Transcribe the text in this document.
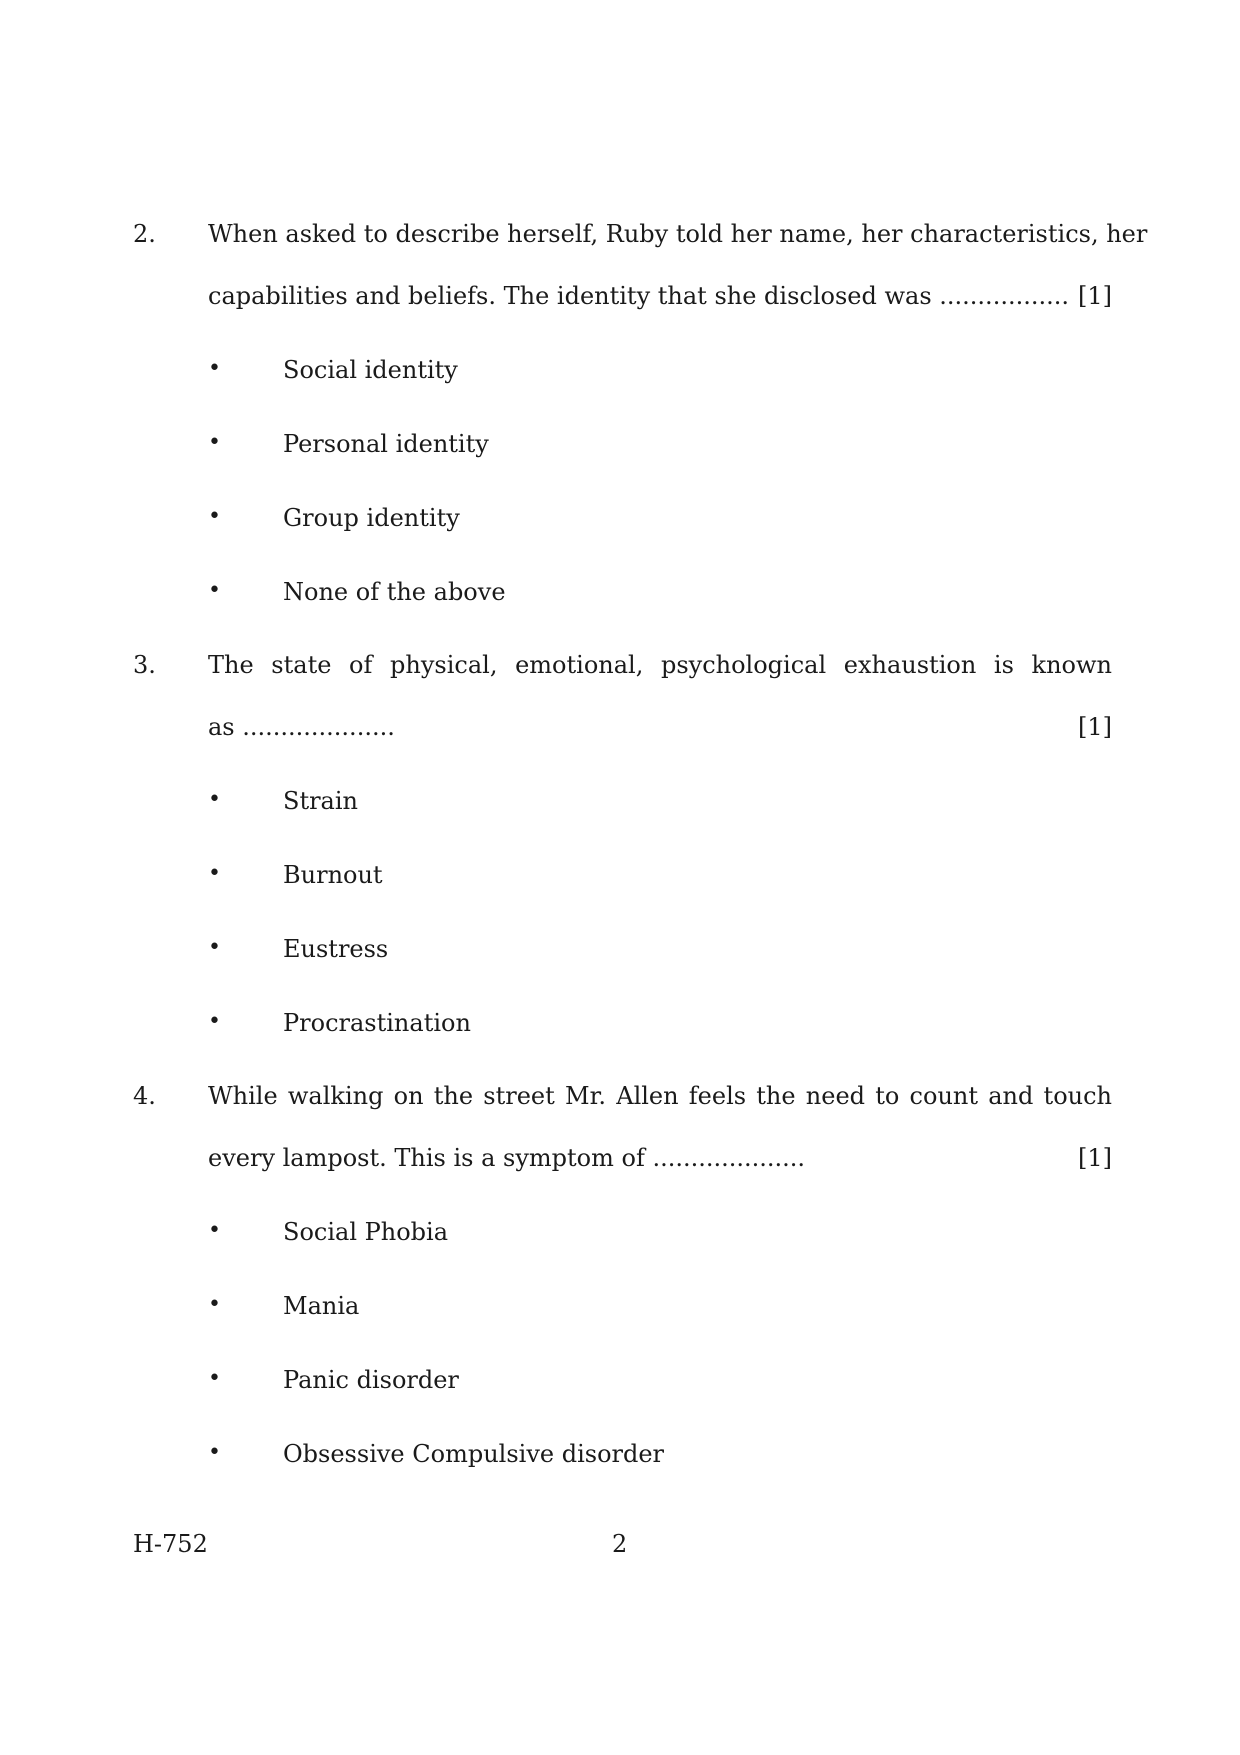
2. When asked to describe herself, Ruby told her name, her characteristics, her
capabilities and beliefs. The identity that she disclosed was ................. [1]
•	Social identity
•	Personal identity
•	Group identity
•	None of the above
3. The state of physical, emotional, psychological exhaustion is known
as ....................	[1]
•	Strain
•	Burnout
•	Eustress
•	Procrastination
4. While walking on the street Mr. Allen feels the need to count and touch
every lampost. This is a symptom of ....................	[1]
•	Social Phobia
•	Mania
•	Panic disorder
•	Obsessive Compulsive disorder
H-752	2
